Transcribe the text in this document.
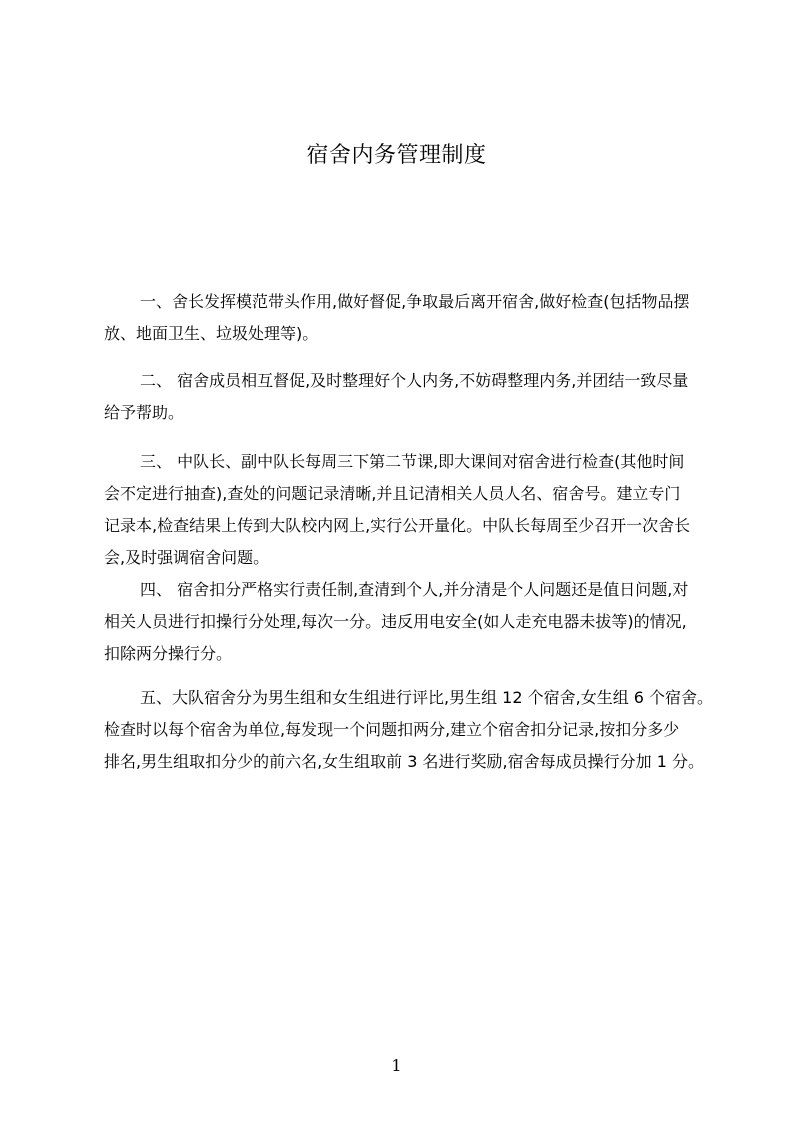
宿舍内务管理制度
一、舍长发挥模范带头作用,做好督促,争取最后离开宿舍,做好检查(包括物品摆
放、地面卫生、垃圾处理等)。
二、 宿舍成员相互督促,及时整理好个人内务,不妨碍整理内务,并团结一致尽量
给予帮助。
三、 中队长、副中队长每周三下第二节课,即大课间对宿舍进行检查(其他时间
会不定进行抽查),查处的问题记录清晰,并且记清相关人员人名、宿舍号。建立专门
记录本,检查结果上传到大队校内网上,实行公开量化。中队长每周至少召开一次舍长
会,及时强调宿舍问题。
四、 宿舍扣分严格实行责任制,查清到个人,并分清是个人问题还是值日问题,对
相关人员进行扣操行分处理,每次一分。违反用电安全(如人走充电器未拔等)的情况,
扣除两分操行分。
五、大队宿舍分为男生组和女生组进行评比,男生组 12 个宿舍,女生组 6 个宿舍。
检查时以每个宿舍为单位,每发现一个问题扣两分,建立个宿舍扣分记录,按扣分多少
排名,男生组取扣分少的前六名,女生组取前 3 名进行奖励,宿舍每成员操行分加 1 分。
1
